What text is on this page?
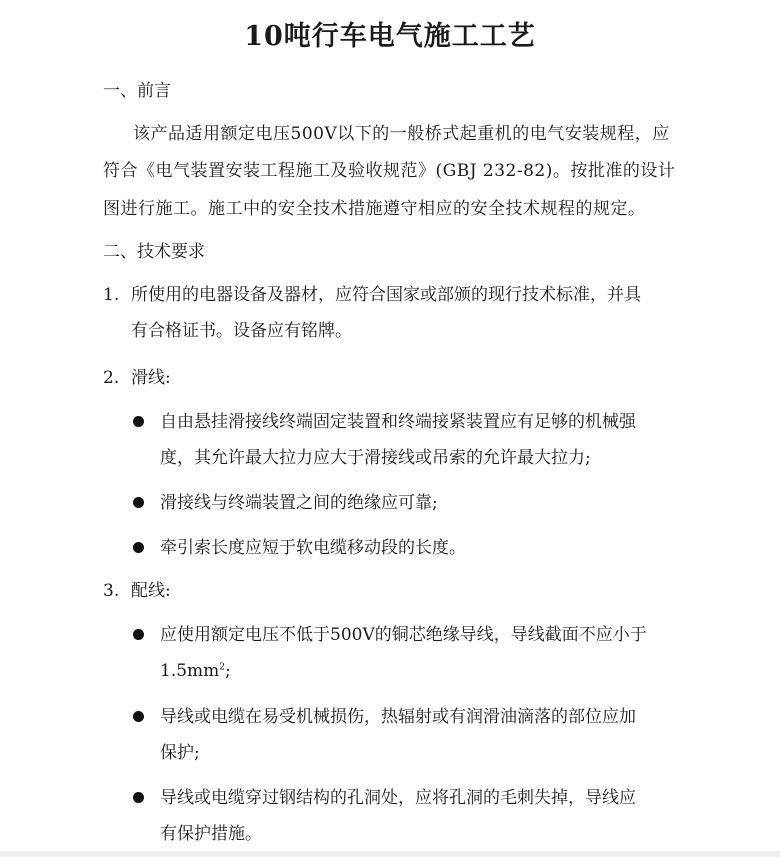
10吨行车电气施工工艺
一、前言
该产品适用额定电压500V以下的一般桥式起重机的电气安装规程，应
符合《电气装置安装工程施工及验收规范》(GBJ 232-82)。按批准的设计
图进行施工。施工中的安全技术措施遵守相应的安全技术规程的规定。
二、技术要求
1. 所使用的电器设备及器材，应符合国家或部颁的现行技术标准，并具
有合格证书。设备应有铭牌。
2. 滑线:
自由悬挂滑接线终端固定装置和终端接紧装置应有足够的机械强
度，其允许最大拉力应大于滑接线或吊索的允许最大拉力;
滑接线与终端装置之间的绝缘应可靠;
牵引索长度应短于软电缆移动段的长度。
3. 配线:
应使用额定电压不低于500V的铜芯绝缘导线，导线截面不应小于
$1.5mm^2$;
导线或电缆在易受机械损伤，热辐射或有润滑油滴落的部位应加
保护;
导线或电缆穿过钢结构的孔洞处，应将孔洞的毛刺失掉，导线应
有保护措施。
